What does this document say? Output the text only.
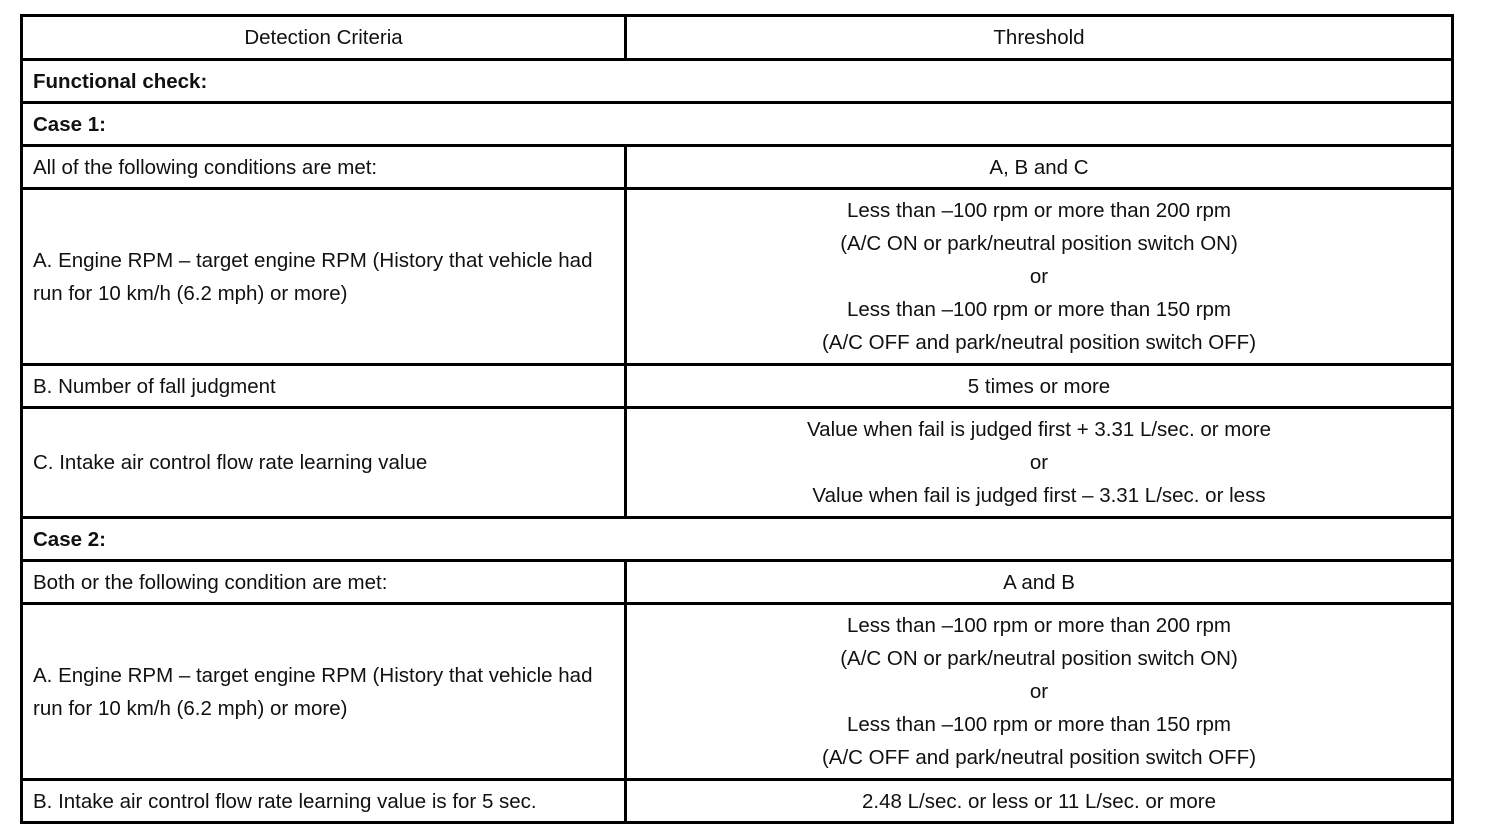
Detection Criteria	Threshold
Functional check:	
Case 1:	
All of the following conditions are met:	A, B and C
A. Engine RPM – target engine RPM (History that vehicle had run for 10 km/h (6.2 mph) or more)	Less than –100 rpm or more than 200 rpm
(A/C ON or park/neutral position switch ON)
or
Less than –100 rpm or more than 150 rpm
(A/C OFF and park/neutral position switch OFF)

B. Number of fall judgment	5 times or more
C. Intake air control flow rate learning value	Value when fail is judged first + 3.31 L/sec. or more
or
Value when fail is judged first – 3.31 L/sec. or less

Case 2:	
Both or the following condition are met:	A and B
A. Engine RPM – target engine RPM (History that vehicle had run for 10 km/h (6.2 mph) or more)	Less than –100 rpm or more than 200 rpm
(A/C ON or park/neutral position switch ON)
or
Less than –100 rpm or more than 150 rpm
(A/C OFF and park/neutral position switch OFF)

B. Intake air control flow rate learning value is for 5 sec.	2.48 L/sec. or less or 11 L/sec. or more
